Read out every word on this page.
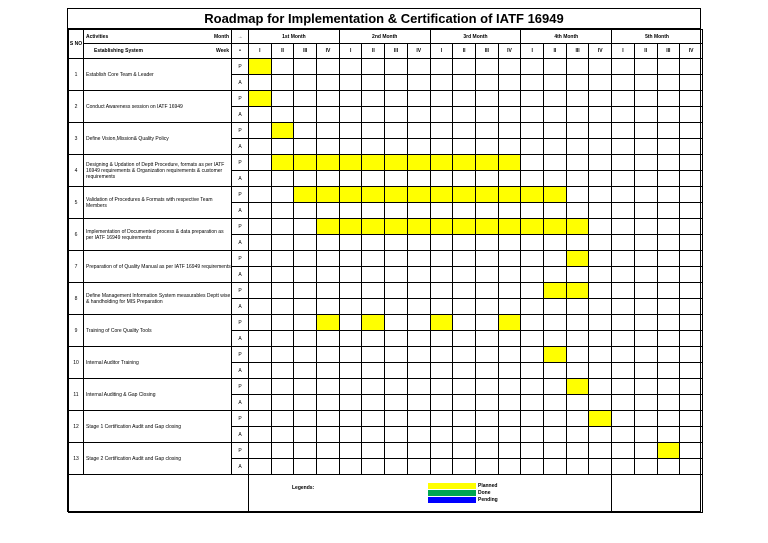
Roadmap for Implementation & Certification of IATF 16949
S NO	Activities Month	→	1st Month				2nd Month				3rd Month				4th Month				5th Month			
	Establishing System Week	•	I	II	III	IV	I	II	III	IV	I	II	III	IV	I	II	III	IV	I	II	III	IV
1	Establish Core Team & Leader	P																				
		A																				
2	Conduct Awareness session on IATF 16949	P																				
		A																				
3	Define Vision,Mission& Quality Policy	P																				
		A																				
4	Designing & Updation of Deptt Procedure, formats as per IATF 16949 requirements & Organization requirements & customer requirements	P																				
		A																				
5	Validation of Procedures & Formats with respective Team Members	P																				
		A																				
6	Implementation of Documented process & data preparation as per IATF 16949 requirements	P																				
		A																				
7	Preparation of of Quality Manual as per IATF 16949 requirements	P																				
		A																				
8	Define Management Information System measurables Deptt wise & handholding for MIS Preparation	P																				
		A																				
9	Training of Core Quality Tools	P																				
		A																				
10	Internal Auditor Training	P																				
		A																				
11	Internal Auditing & Gap Closing	P																				
		A																				
12	Stage 1 Certification Audit and Gap closing	P																				
		A																				
13	Stage 2 Certification Audit and Gap closing	P																				
		A																				

Legends:	Planned
Done
Pending
